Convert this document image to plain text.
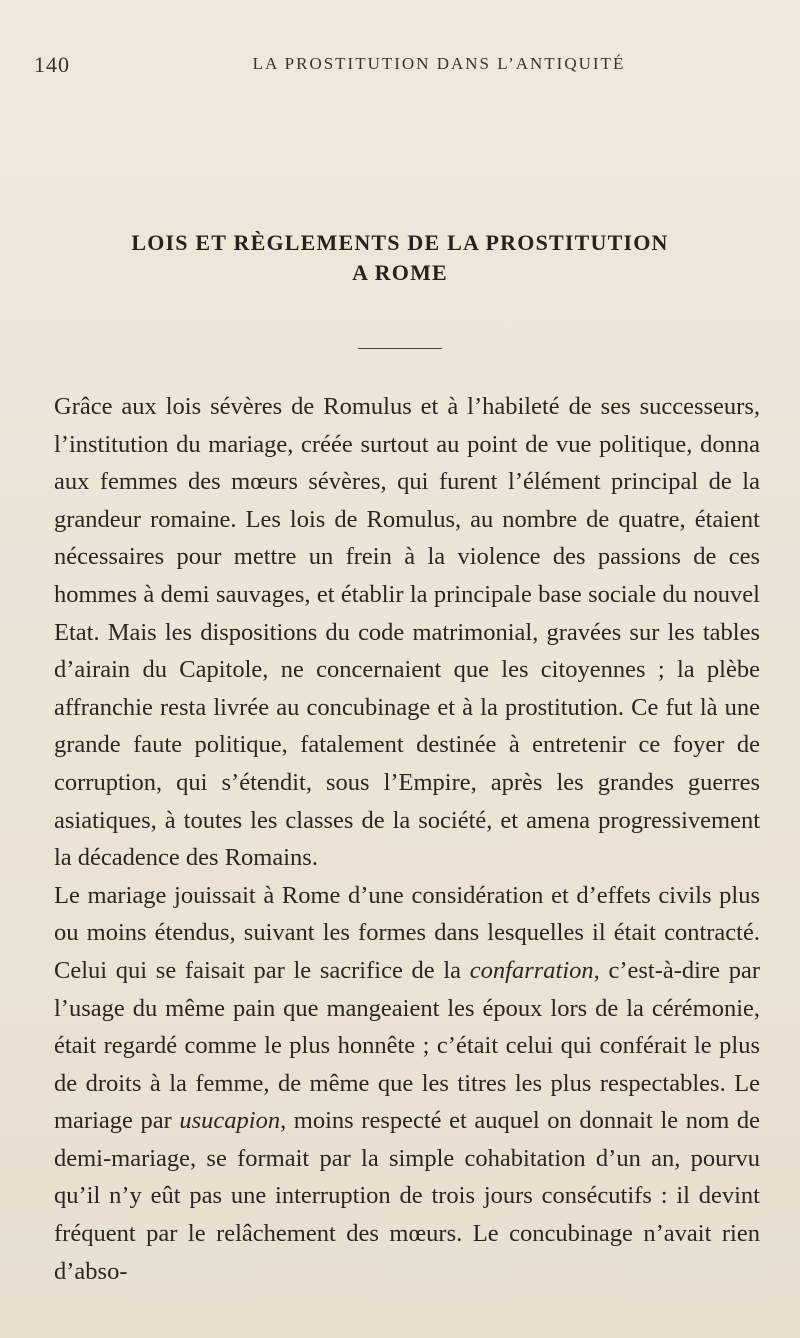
140	LA PROSTITUTION DANS L’ANTIQUITÉ
LOIS ET RÈGLEMENTS DE LA PROSTITUTION
A ROME

Grâce aux lois sévères de Romulus et à l’habileté de ses successeurs, l’institution du mariage, créée surtout au point de vue politique, donna aux femmes des mœurs sévères, qui furent l’élément principal de la grandeur romaine. Les lois de Romulus, au nombre de quatre, étaient nécessaires pour mettre un frein à la violence des passions de ces hommes à demi sauvages, et établir la principale base sociale du nouvel Etat. Mais les dispositions du code matrimonial, gravées sur les tables d’airain du Capitole, ne concernaient que les citoyennes ; la plèbe affranchie resta livrée au concubinage et à la prostitution. Ce fut là une grande faute politique, fatalement destinée à entretenir ce foyer de corruption, qui s’étendit, sous l’Empire, après les grandes guerres asiatiques, à toutes les classes de la société, et amena progressivement la décadence des Romains.

Le mariage jouissait à Rome d’une considération et d’effets civils plus ou moins étendus, suivant les formes dans lesquelles il était contracté. Celui qui se faisait par le sacrifice de la confarration, c’est-à-dire par l’usage du même pain que mangeaient les époux lors de la cérémonie, était regardé comme le plus honnête ; c’était celui qui conférait le plus de droits à la femme, de même que les titres les plus respectables. Le mariage par usucapion, moins respecté et auquel on donnait le nom de demi-mariage, se formait par la simple cohabitation d’un an, pourvu qu’il n’y eût pas une interruption de trois jours consécutifs : il devint fréquent par le relâchement des mœurs. Le concubinage n’avait rien d’abso-
